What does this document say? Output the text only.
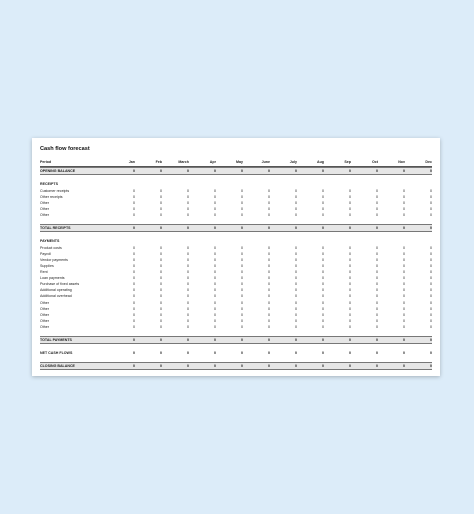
Cash flow forecast
Period	Jan	Feb	March	Apr	May	June	July	Aug	Sep	Oct	Nov	Dec
OPENING BALANCE	0	0	0	0	0	0	0	0	0	0	0	0
RECEIPTS
Customer receipts	0	0	0	0	0	0	0	0	0	0	0	0
Other receipts	0	0	0	0	0	0	0	0	0	0	0	0
Other	0	0	0	0	0	0	0	0	0	0	0	0
Other	0	0	0	0	0	0	0	0	0	0	0	0
Other	0	0	0	0	0	0	0	0	0	0	0	0
TOTAL RECEIPTS	0	0	0	0	0	0	0	0	0	0	0	0
PAYMENTS
Product costs	0	0	0	0	0	0	0	0	0	0	0	0
Payroll	0	0	0	0	0	0	0	0	0	0	0	0
Vendor payments	0	0	0	0	0	0	0	0	0	0	0	0
Supplies	0	0	0	0	0	0	0	0	0	0	0	0
Rent	0	0	0	0	0	0	0	0	0	0	0	0
Loan payments	0	0	0	0	0	0	0	0	0	0	0	0
Purchase of fixed assets	0	0	0	0	0	0	0	0	0	0	0	0
Additional operating	0	0	0	0	0	0	0	0	0	0	0	0
Additional overhead	0	0	0	0	0	0	0	0	0	0	0	0
Other	0	0	0	0	0	0	0	0	0	0	0	0
Other	0	0	0	0	0	0	0	0	0	0	0	0
Other	0	0	0	0	0	0	0	0	0	0	0	0
Other	0	0	0	0	0	0	0	0	0	0	0	0
Other	0	0	0	0	0	0	0	0	0	0	0	0
TOTAL PAYMENTS	0	0	0	0	0	0	0	0	0	0	0	0
NET CASH FLOWS	0	0	0	0	0	0	0	0	0	0	0	0
CLOSING BALANCE	0	0	0	0	0	0	0	0	0	0	0	0
